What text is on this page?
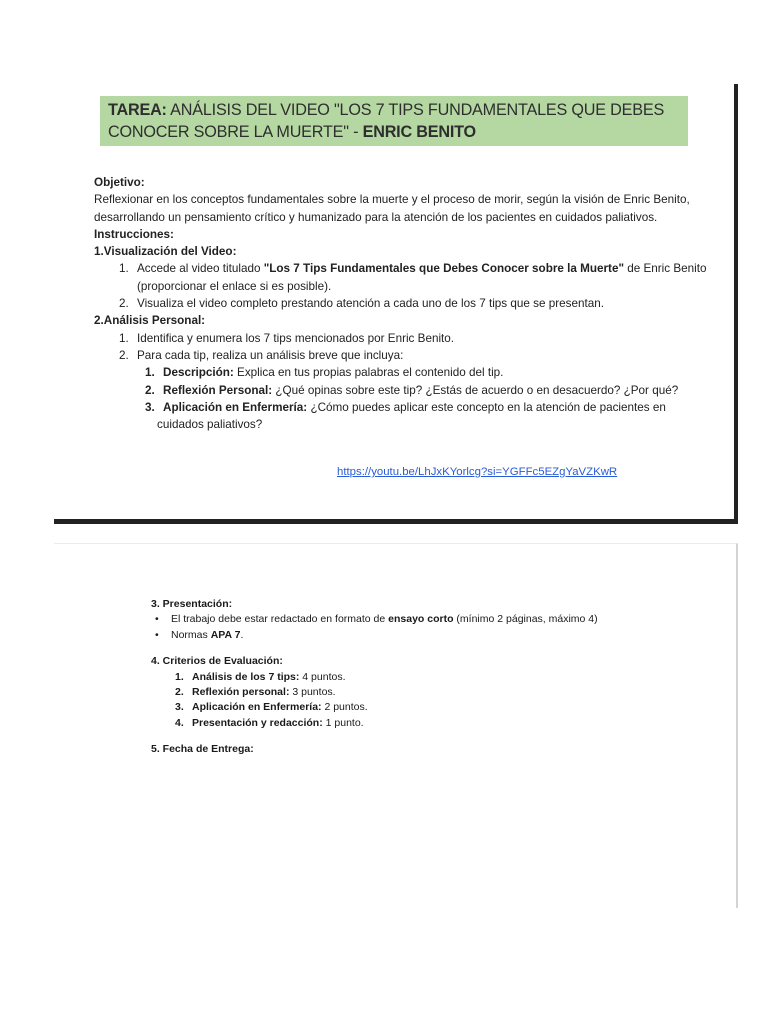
TAREA: ANÁLISIS DEL VIDEO "LOS 7 TIPS FUNDAMENTALES QUE DEBES CONOCER SOBRE LA MUERTE" - ENRIC BENITO
Objetivo:
Reflexionar en los conceptos fundamentales sobre la muerte y el proceso de morir, según la visión de Enric Benito,
desarrollando un pensamiento crítico y humanizado para la atención de los pacientes en cuidados paliativos.
Instrucciones:
1.Visualización del Video:
1. Accede al video titulado "Los 7 Tips Fundamentales que Debes Conocer sobre la Muerte" de Enric Benito
(proporcionar el enlace si es posible).
2. Visualiza el video completo prestando atención a cada uno de los 7 tips que se presentan.
2.Análisis Personal:
1. Identifica y enumera los 7 tips mencionados por Enric Benito.
2. Para cada tip, realiza un análisis breve que incluya:
1. Descripción: Explica en tus propias palabras el contenido del tip.
2. Reflexión Personal: ¿Qué opinas sobre este tip? ¿Estás de acuerdo o en desacuerdo? ¿Por qué?
3. Aplicación en Enfermería: ¿Cómo puedes aplicar este concepto en la atención de pacientes en
cuidados paliativos?
https://youtu.be/LhJxKYorlcg?si=YGFFc5EZgYaVZKwR
3. Presentación:
• El trabajo debe estar redactado en formato de ensayo corto (mínimo 2 páginas, máximo 4)
• Normas APA 7.
4. Criterios de Evaluación:
1. Análisis de los 7 tips: 4 puntos.
2. Reflexión personal: 3 puntos.
3. Aplicación en Enfermería: 2 puntos.
4. Presentación y redacción: 1 punto.
5. Fecha de Entrega:
